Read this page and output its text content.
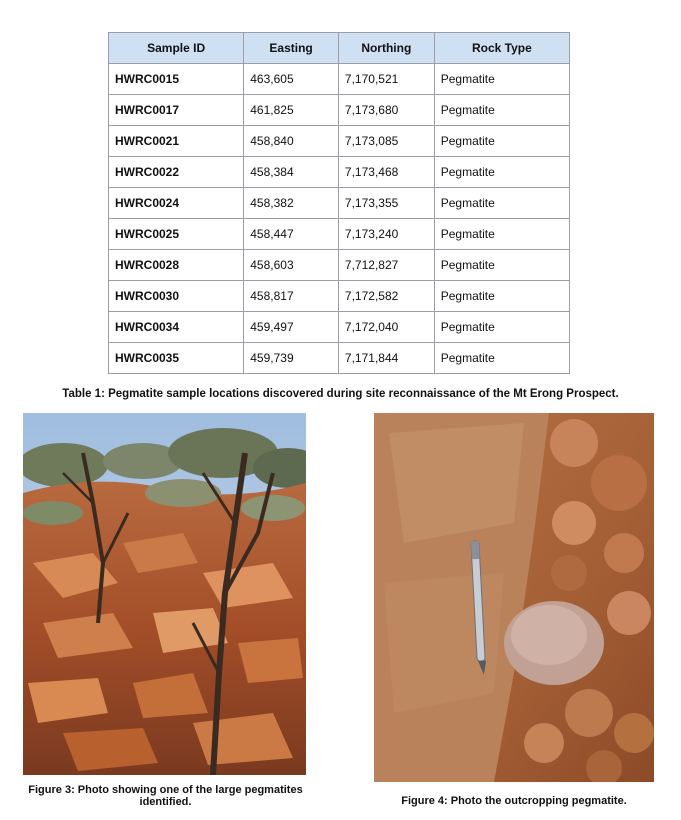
Sample ID	Easting	Northing	Rock Type
HWRC0015	463,605	7,170,521	Pegmatite
HWRC0017	461,825	7,173,680	Pegmatite
HWRC0021	458,840	7,173,085	Pegmatite
HWRC0022	458,384	7,173,468	Pegmatite
HWRC0024	458,382	7,173,355	Pegmatite
HWRC0025	458,447	7,173,240	Pegmatite
HWRC0028	458,603	7,712,827	Pegmatite
HWRC0030	458,817	7,172,582	Pegmatite
HWRC0034	459,497	7,172,040	Pegmatite
HWRC0035	459,739	7,171,844	Pegmatite
Table 1: Pegmatite sample locations discovered during site reconnaissance of the Mt Erong Prospect.
Figure 3: Photo showing one of the large pegmatites identified.	Figure 4: Photo the outcropping pegmatite.
